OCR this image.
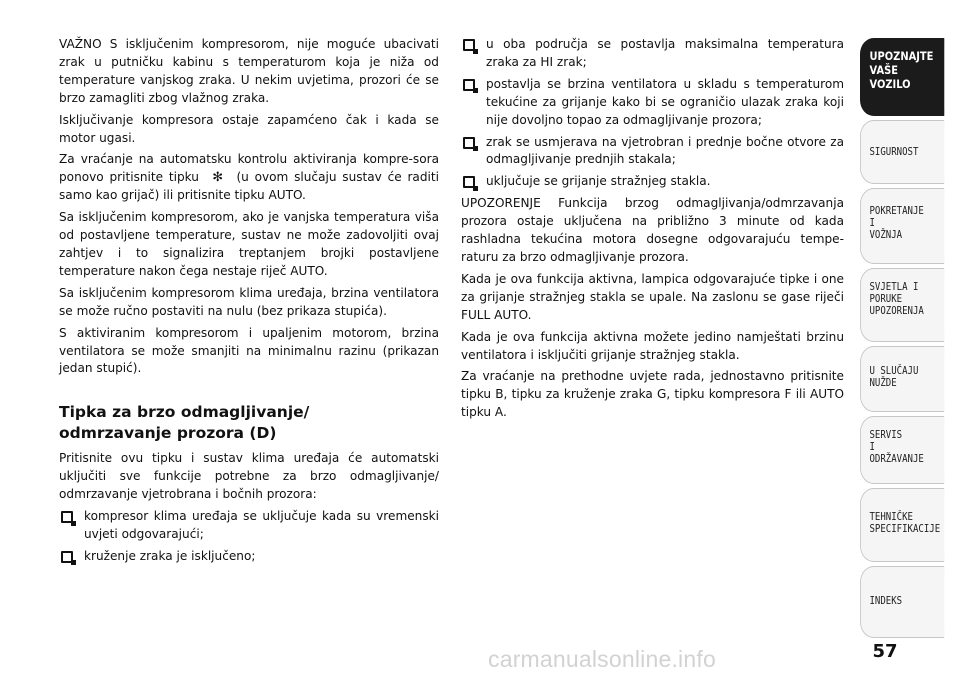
VAŽNO S isključenim kompresorom, nije moguće ubacivati zrak u putničku kabinu s temperaturom koja je niža od temperature vanjskog zraka. U nekim uvjetima, prozori će se brzo zamagliti zbog vlažnog zraka.

Isključivanje kompresora ostaje zapamćeno čak i kada se motor ugasi.

Za vraćanje na automatsku kontrolu aktiviranja kompre-sora ponovo pritisnite tipku ✻ (u ovom slučaju sustav će raditi samo kao grijač) ili pritisnite tipku AUTO.

Sa isključenim kompresorom, ako je vanjska temperatura viša od postavljene temperature, sustav ne može zadovoljiti ovaj zahtjev i to signalizira treptanjem brojki postavljene temperature nakon čega nestaje riječ AUTO.

Sa isključenim kompresorom klima uređaja, brzina ventilatora se može ručno postaviti na nulu (bez prikaza stupića).

S aktiviranim kompresorom i upaljenim motorom, brzina ventilatora se može smanjiti na minimalnu razinu (prikazan jedan stupić).

Tipka za brzo odmagljivanje/ odmrzavanje prozora (D)

Pritisnite ovu tipku i sustav klima uređaja će automatski uključiti sve funkcije potrebne za brzo odmagljivanje/ odmrzavanje vjetrobrana i bočnih prozora:

kompresor klima uređaja se uključuje kada su vremenski uvjeti odgovarajući;
kruženje zraka je isključeno;
u oba područja se postavlja maksimalna temperatura zraka za HI zrak;
postavlja se brzina ventilatora u skladu s temperaturom tekućine za grijanje kako bi se ograničio ulazak zraka koji nije dovoljno topao za odmagljivanje prozora;
zrak se usmjerava na vjetrobran i prednje bočne otvore za odmagljivanje prednjih stakala;
uključuje se grijanje stražnjeg stakla.

UPOZORENJE Funkcija brzog odmagljivanja/odmrzavanja prozora ostaje uključena na približno 3 minute od kada rashladna tekućina motora dosegne odgovarajuću tempe-raturu za brzo odmagljivanje prozora.

Kada je ova funkcija aktivna, lampica odgovarajuće tipke i one za grijanje stražnjeg stakla se upale. Na zaslonu se gase riječi FULL AUTO.

Kada je ova funkcija aktivna možete jedino namještati brzinu ventilatora i isključiti grijanje stražnjeg stakla.

Za vraćanje na prethodne uvjete rada, jednostavno pritisnite tipku B, tipku za kruženje zraka G, tipku kompresora F ili AUTO tipku A.

UPOZNAJTE
VAŠE
VOZILO
SIGURNOST
POKRETANJE
I
VOŽNJA
SVJETLA I
PORUKE
UPOZORENJA
U SLUČAJU
NUŽDE
SERVIS
I
ODRŽAVANJE
TEHNIČKE
SPECIFIKACIJE
INDEKS
57
carmanualsonline.info
